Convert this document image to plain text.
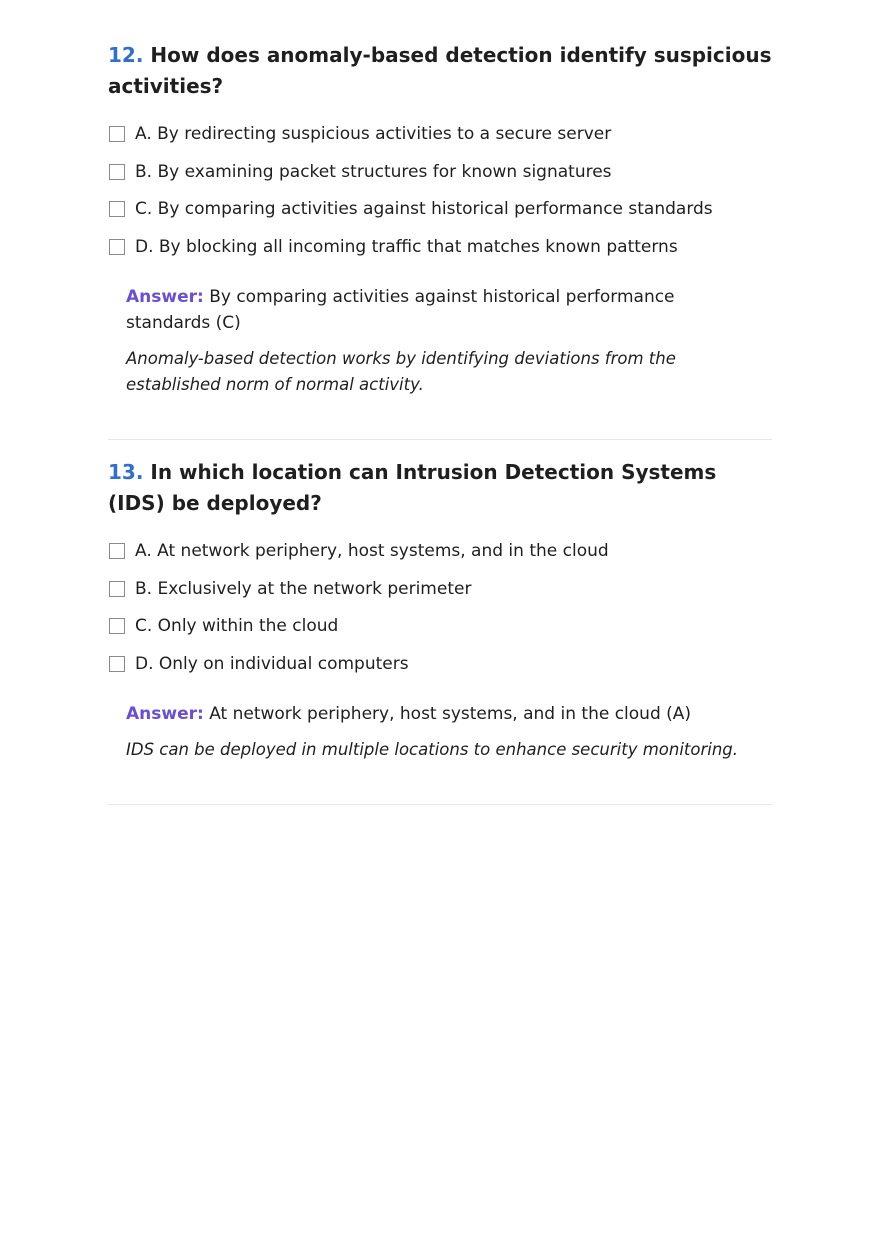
12. How does anomaly-based detection identify suspicious activities?

A. By redirecting suspicious activities to a secure server
B. By examining packet structures for known signatures
C. By comparing activities against historical performance standards
D. By blocking all incoming traffic that matches known patterns

Answer: By comparing activities against historical performance standards (C)

Anomaly-based detection works by identifying deviations from the established norm of normal activity.

13. In which location can Intrusion Detection Systems (IDS) be deployed?

A. At network periphery, host systems, and in the cloud
B. Exclusively at the network perimeter
C. Only within the cloud
D. Only on individual computers

Answer: At network periphery, host systems, and in the cloud (A)

IDS can be deployed in multiple locations to enhance security monitoring.
